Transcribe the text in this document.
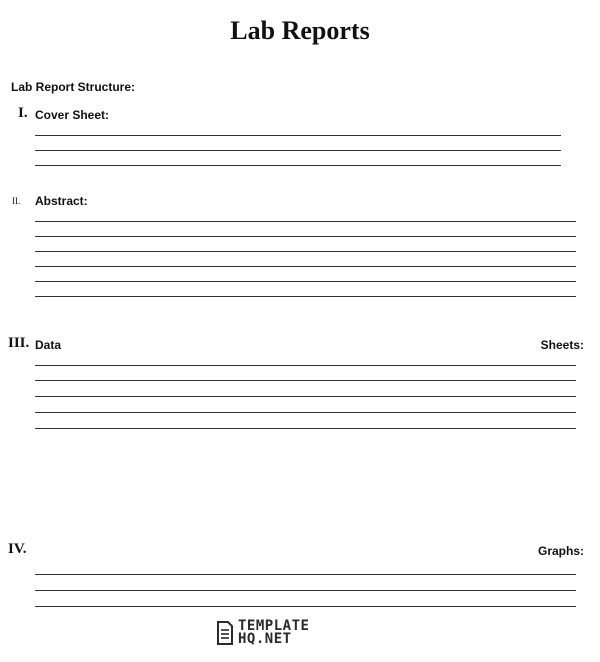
Lab Reports
Lab Report Structure:
I. Cover Sheet:
II. Abstract:
III. Data	Sheets:
IV.	Graphs:
TEMPLATE
HQ.NET
